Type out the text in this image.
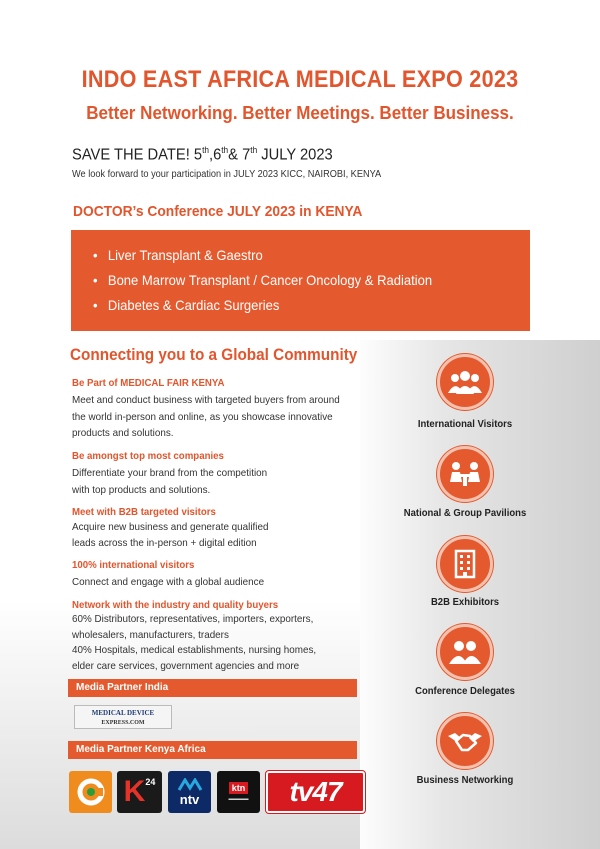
INDO EAST AFRICA MEDICAL EXPO 2023
Better Networking. Better Meetings. Better Business.
SAVE THE DATE! 5th,6th& 7th JULY 2023
We look forward to your participation in JULY 2023 KICC, NAIROBI, KENYA
DOCTOR’s Conference JULY 2023 in KENYA
• Liver Transplant & Gaestro
• Bone Marrow Transplant / Cancer Oncology & Radiation
• Diabetes & Cardiac Surgeries
Connecting you to a Global Community
Be Part of MEDICAL FAIR KENYA
Meet and conduct business with targeted buyers from around
the world in-person and online, as you showcase innovative
products and solutions.
Be amongst top most companies
Differentiate your brand from the competition
with top products and solutions.
Meet with B2B targeted visitors
Acquire new business and generate qualified
leads across the in-person + digital edition
100% international visitors
Connect and engage with a global audience
Network with the industry and quality buyers
60% Distributors, representatives, importers, exporters,
wholesalers, manufacturers, traders
40% Hospitals, medical establishments, nursing homes,
elder care services, government agencies and more
Media Partner India
MEDICAL DEVICE
EXPRESS.COM
Media Partner Kenya Africa
K 24
ntv
ktn
▬▬▬▬ tv47
International Visitors
National & Group Pavilions
B2B Exhibitors
Conference Delegates
Business Networking
